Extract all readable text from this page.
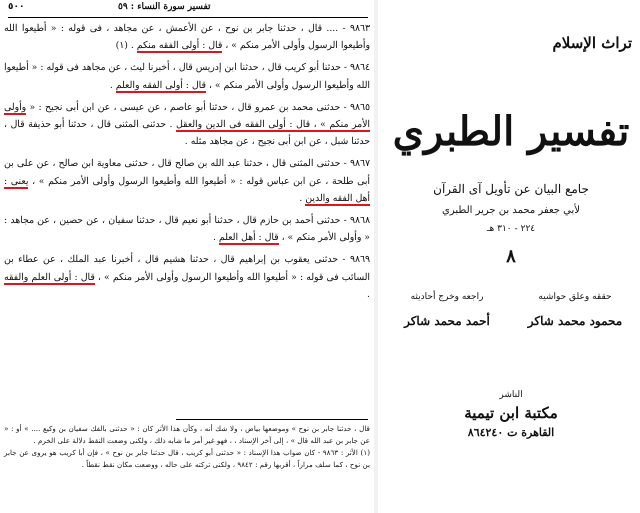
٥٠٠	تفسير سورة النساء : ٥٩

٩٨٦٣ - .... قال ، حدثنا جابر بن نوح ، عن الأعمش ، عن مجاهد ، فى قوله : « أطيعوا الله وأطيعوا الرسول وأولى الأمر منكم » ، قال : أولى الفقه منكم . (١)

٩٨٦٤ - حدثنا أبو كريب قال ، حدثنا ابن إدريس قال ، أخبرنا ليث ، عن مجاهد فى قوله : « أطيعوا الله وأطيعوا الرسول وأولى الأمر منكم » ، قال : أولى الفقه والعلم .

٩٨٦٥ - حدثنى محمد بن عمرو قال ، حدثنا أبو عاصم ، عن عيسى ، عن ابن أبى نجيح : « وأولى الأمر منكم » ، قال : أولى الفقه فى الدين والعقل . حدثنى المثنى قال ، حدثنا أبو حذيفة قال ، حدثنا شبل ، عن ابن أبى نجيح ، عن مجاهد مثله .

٩٨٦٧ - حدثنى المثنى قال ، حدثنا عبد الله بن صالح قال ، حدثنى معاوية ابن صالح ، عن على بن أبى طلحة ، عن ابن عباس قوله : « أطيعوا الله وأطيعوا الرسول وأولى الأمر منكم » ، يعنى : أهل الفقه والدين .

٩٨٦٨ - حدثنى أحمد بن حازم قال ، حدثنا أبو نعيم قال ، حدثنا سفيان ، عن حصين ، عن مجاهد : « وأولى الأمر منكم » ، قال : أهل العلم .

٩٨٦٩ - حدثنى يعقوب بن إبراهيم قال ، حدثنا هشيم قال ، أخبرنا عبد الملك ، عن عطاء بن السائب فى قوله : « أطيعوا الله وأطيعوا الرسول وأولى الأمر منكم » ، قال : أولى العلم والفقه .

قال ، حدثنا جابر بن نوح » وموضعها بياض ، ولا شك أنه ، وكأن هذا الأثر كان : « حدثنى بالفك سفيان بن وكيع .... » أو : « عن جابر بن عبد الله قال » ، إلى آخر الإسناد ، ، فهو غير أمر ما شابه ذلك ، ولكنى وضعت النقط دلالة على الخرم .

(١) الأثر : ٩٨٦٣ - كان صواب هذا الإسناد : « حدثنى أبو كريب ، قال حدثنا جابر بن نوح » ، فإن أبا كريب هو يروى عن جابر بن نوح ، كما سلف مراراً ، أقربها رقم : ٩٨٤٢ ، ولكنى تركته على حاله ، ووضعت مكان نقط نقطاً .

تراث الإسلام
تفسير الطبري
جامع البيان عن تأويل آى القرآن
لأبي جعفر محمد بن جرير الطبري
٢٢٤ - ٣١٠ هـ
٨
حققه وعلق حواشيه
محمود محمد شاكر
راجعه وخرج أحاديثه
أحمد محمد شاكر
الناشر
مكتبة ابن تيمية
القاهرة ت ٨٦٤٢٤٠
